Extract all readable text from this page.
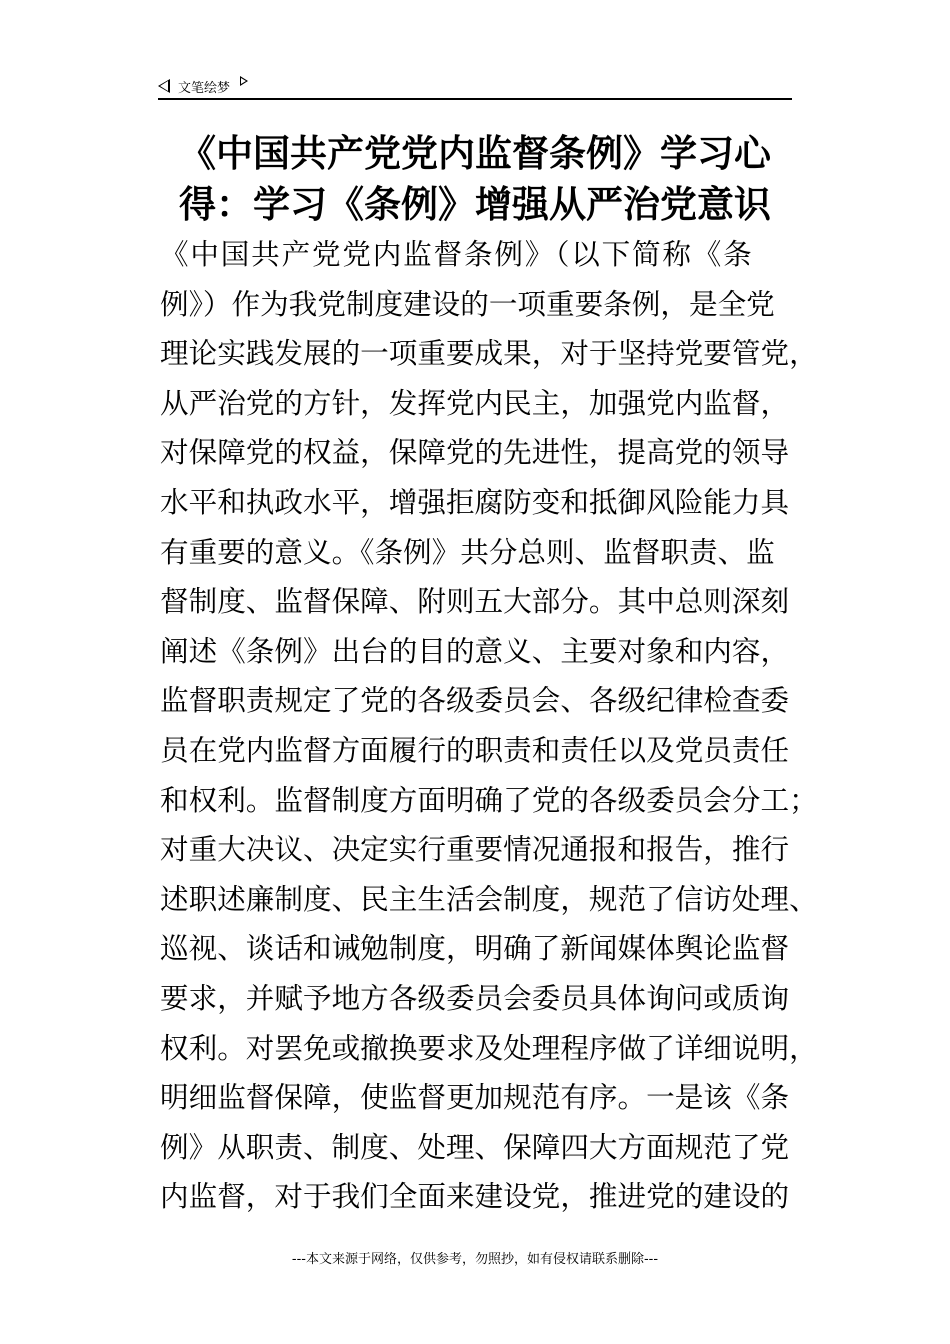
文笔绘梦
《中国共产党党内监督条例》学习心
得：学习《条例》增强从严治党意识
《中国共产党党内监督条例》（以下简称《条
例》）作为我党制度建设的一项重要条例，是全党
理论实践发展的一项重要成果，对于坚持党要管党，
从严治党的方针，发挥党内民主，加强党内监督，
对保障党的权益，保障党的先进性，提高党的领导
水平和执政水平，增强拒腐防变和抵御风险能力具
有重要的意义。《条例》共分总则、监督职责、监
督制度、监督保障、附则五大部分。其中总则深刻
阐述《条例》出台的目的意义、主要对象和内容，
监督职责规定了党的各级委员会、各级纪律检查委
员在党内监督方面履行的职责和责任以及党员责任
和权利。监督制度方面明确了党的各级委员会分工；
对重大决议、决定实行重要情况通报和报告，推行
述职述廉制度、民主生活会制度，规范了信访处理、
巡视、谈话和诫勉制度，明确了新闻媒体舆论监督
要求，并赋予地方各级委员会委员具体询问或质询
权利。对罢免或撤换要求及处理程序做了详细说明，
明细监督保障，使监督更加规范有序。一是该《条
例》从职责、制度、处理、保障四大方面规范了党
内监督，对于我们全面来建设党，推进党的建设的
---本文来源于网络，仅供参考，勿照抄，如有侵权请联系删除---
